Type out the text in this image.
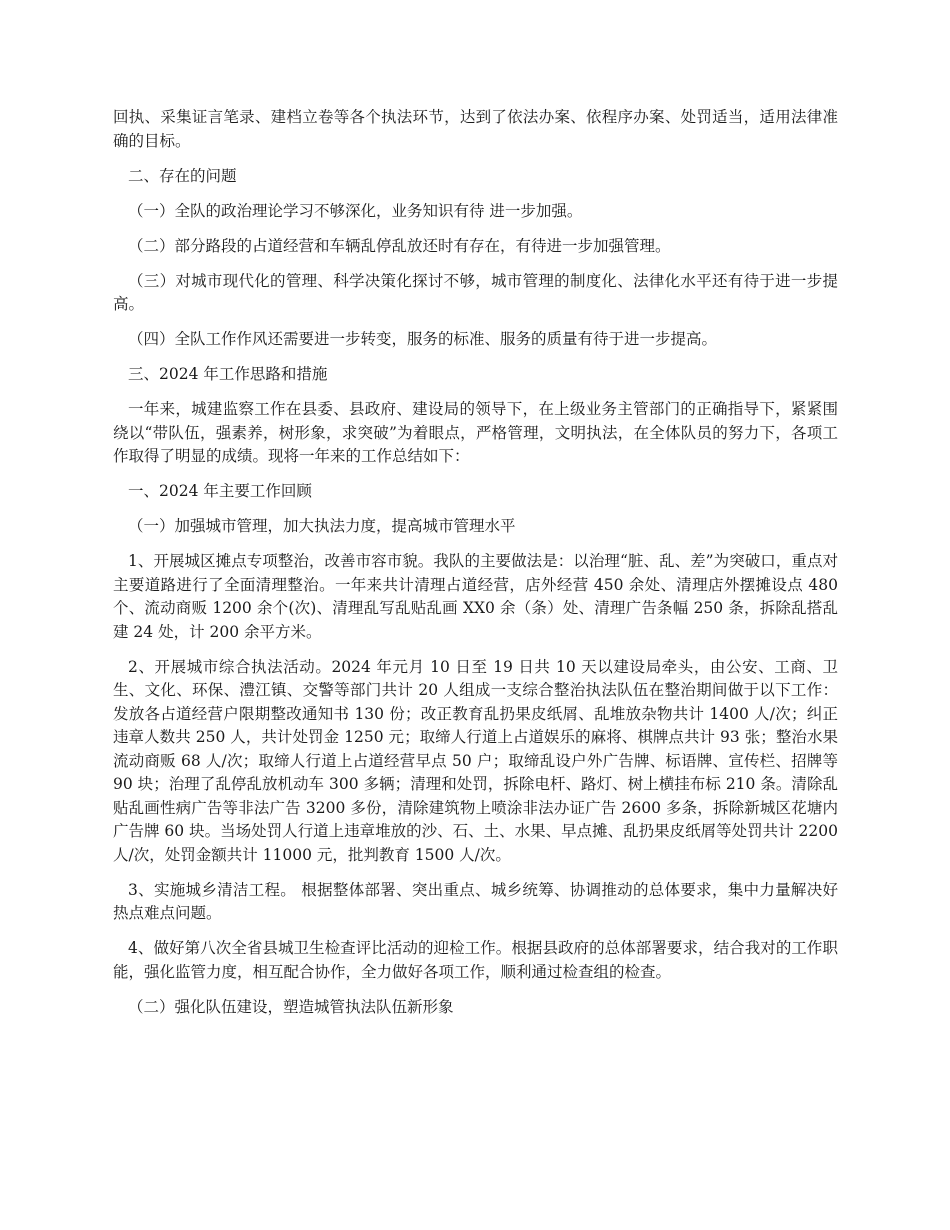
回执、采集证言笔录、建档立卷等各个执法环节，达到了依法办案、依程序办案、处罚适当，适用法律准确的目标。

二、存在的问题

（一）全队的政治理论学习不够深化，业务知识有待 进一步加强。

（二）部分路段的占道经营和车辆乱停乱放还时有存在，有待进一步加强管理。

（三）对城市现代化的管理、科学决策化探讨不够，城市管理的制度化、法律化水平还有待于进一步提高。

（四）全队工作作风还需要进一步转变，服务的标准、服务的质量有待于进一步提高。

三、2024 年工作思路和措施

一年来，城建监察工作在县委、县政府、建设局的领导下，在上级业务主管部门的正确指导下，紧紧围绕以“带队伍，强素养，树形象，求突破”为着眼点，严格管理，文明执法，在全体队员的努力下，各项工作取得了明显的成绩。现将一年来的工作总结如下：

一、2024 年主要工作回顾

（一）加强城市管理，加大执法力度，提高城市管理水平

1、开展城区摊点专项整治，改善市容市貌。我队的主要做法是：以治理“脏、乱、差”为突破口，重点对主要道路进行了全面清理整治。一年来共计清理占道经营，店外经营 450 余处、清理店外摆摊设点 480 个、流动商贩 1200 余个(次)、清理乱写乱贴乱画 XX0 余（条）处、清理广告条幅 250 条，拆除乱搭乱建 24 处，计 200 余平方米。

2、开展城市综合执法活动。2024 年元月 10 日至 19 日共 10 天以建设局牵头，由公安、工商、卫生、文化、环保、澧江镇、交警等部门共计 20 人组成一支综合整治执法队伍在整治期间做于以下工作：发放各占道经营户限期整改通知书 130 份；改正教育乱扔果皮纸屑、乱堆放杂物共计 1400 人/次；纠正违章人数共 250 人，共计处罚金 1250 元；取缔人行道上占道娱乐的麻将、棋牌点共计 93 张；整治水果流动商贩 68 人/次；取缔人行道上占道经营早点 50 户；取缔乱设户外广告牌、标语牌、宣传栏、招牌等 90 块；治理了乱停乱放机动车 300 多辆；清理和处罚，拆除电杆、路灯、树上横挂布标 210 条。清除乱贴乱画性病广告等非法广告 3200 多份，清除建筑物上喷涂非法办证广告 2600 多条，拆除新城区花塘内广告牌 60 块。当场处罚人行道上违章堆放的沙、石、土、水果、早点摊、乱扔果皮纸屑等处罚共计 2200 人/次，处罚金额共计 11000 元，批判教育 1500 人/次。

3、实施城乡清洁工程。 根据整体部署、突出重点、城乡统筹、协调推动的总体要求，集中力量解决好热点难点问题。

4、做好第八次全省县城卫生检查评比活动的迎检工作。根据县政府的总体部署要求，结合我对的工作职能，强化监管力度，相互配合协作，全力做好各项工作，顺利通过检查组的检查。

（二）强化队伍建设，塑造城管执法队伍新形象
